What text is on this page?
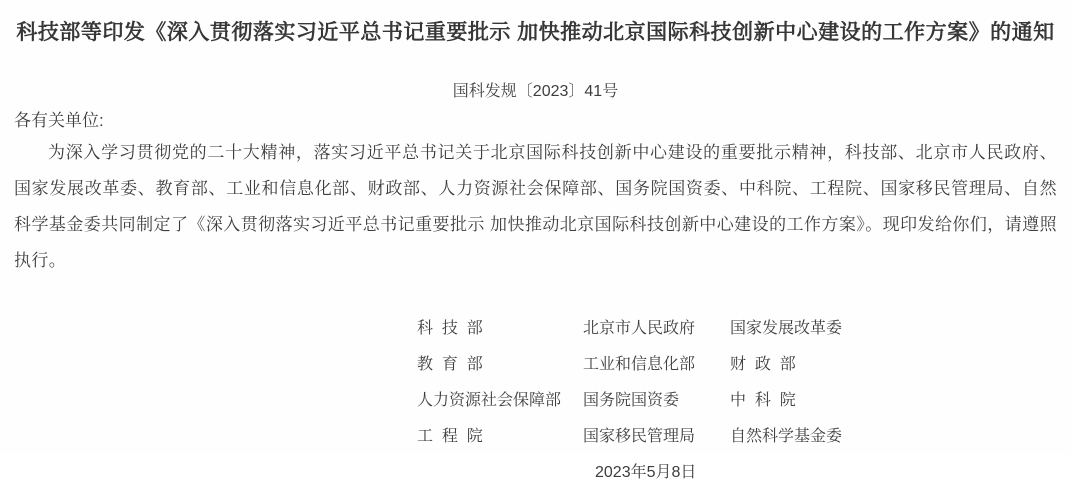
科技部等印发《深入贯彻落实习近平总书记重要批示 加快推动北京国际科技创新中心建设的工作方案》的通知
国科发规〔2023〕41号
各有关单位:

为深入学习贯彻党的二十大精神，落实习近平总书记关于北京国际科技创新中心建设的重要批示精神，科技部、北京市人民政府、国家发展改革委、教育部、工业和信息化部、财政部、人力资源社会保障部、国务院国资委、中科院、工程院、国家移民管理局、自然科学基金委共同制定了《深入贯彻落实习近平总书记重要批示 加快推动北京国际科技创新中心建设的工作方案》。现印发给你们，请遵照执行。

科  技  部	北京市人民政府	国家发展改革委
教  育  部	工业和信息化部	财  政  部
人力资源社会保障部	国务院国资委	中  科  院
工  程  院	国家移民管理局	自然科学基金委
2023年5月8日
